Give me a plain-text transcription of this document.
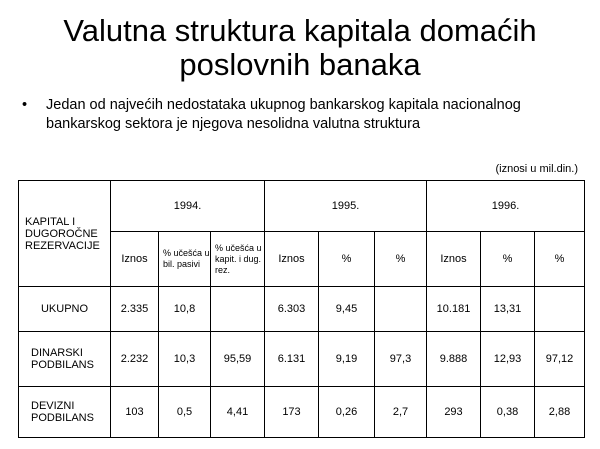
Valutna struktura kapitala domaćih
poslovnih banaka
• Jedan od najvećih nedostataka ukupnog bankarskog kapitala nacionalnog bankarskog sektora je njegova nesolidna valutna struktura
(iznosi u mil.din.)
KAPITAL I DUGOROČNE REZERVACIJE	1994.			1995.			1996.		
	Iznos	% učešća u bil. pasivi	% učešća u kapit. i dug. rez.	Iznos	%	%	Iznos	%	%
UKUPNO	2.335	10,8		6.303	9,45		10.181	13,31	
DINARSKI PODBILANS	2.232	10,3	95,59	6.131	9,19	97,3	9.888	12,93	97,12
DEVIZNI PODBILANS	103	0,5	4,41	173	0,26	2,7	293	0,38	2,88
